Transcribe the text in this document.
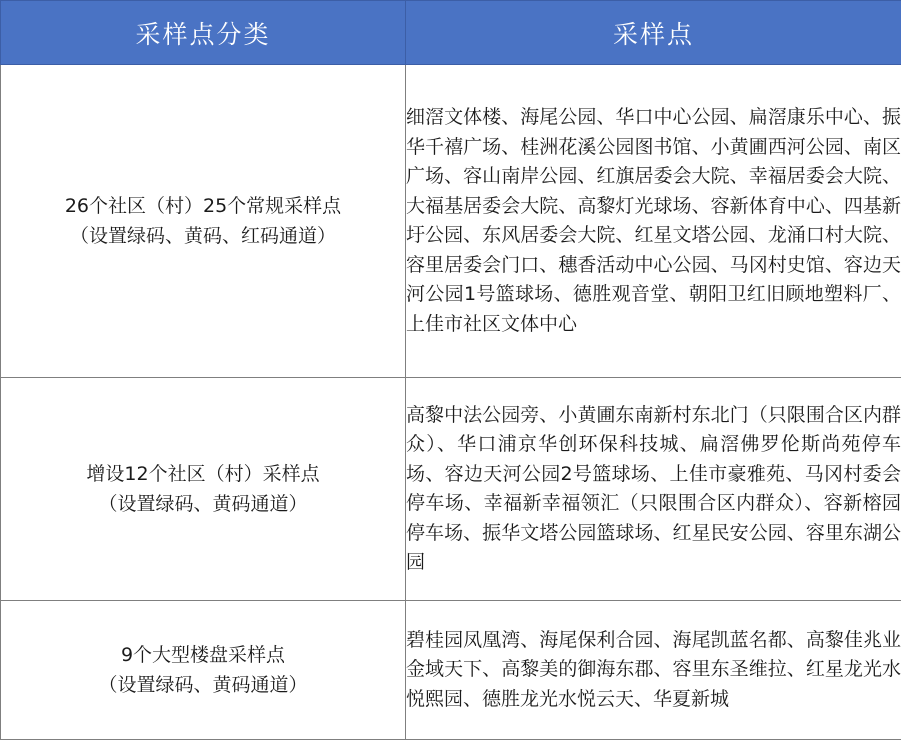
采样点分类	采样点

26个社区（村）25个常规采样点
（设置绿码、黄码、红码通道）	细滘文体楼、海尾公园、华口中心公园、扁滘康乐中心、振华千禧广场、桂洲花溪公园图书馆、小黄圃西河公园、南区广场、容山南岸公园、红旗居委会大院、幸福居委会大院、大福基居委会大院、高黎灯光球场、容新体育中心、四基新圩公园、东风居委会大院、红星文塔公园、龙涌口村大院、容里居委会门口、穗香活动中心公园、马冈村史馆、容边天河公园1号篮球场、德胜观音堂、朝阳卫红旧顾地塑料厂、上佳市社区文体中心

增设12个社区（村）采样点
（设置绿码、黄码通道）	高黎中法公园旁、小黄圃东南新村东北门（只限围合区内群众）、华口浦京华创环保科技城、扁滘佛罗伦斯尚苑停车场、容边天河公园2号篮球场、上佳市豪雅苑、马冈村委会停车场、幸福新幸福领汇（只限围合区内群众）、容新榕园停车场、振华文塔公园篮球场、红星民安公园、容里东湖公园

9个大型楼盘采样点
（设置绿码、黄码通道）	碧桂园凤凰湾、海尾保利合园、海尾凯蓝名都、高黎佳兆业金域天下、高黎美的御海东郡、容里东圣维拉、红星龙光水悦熙园、德胜龙光水悦云天、华夏新城
